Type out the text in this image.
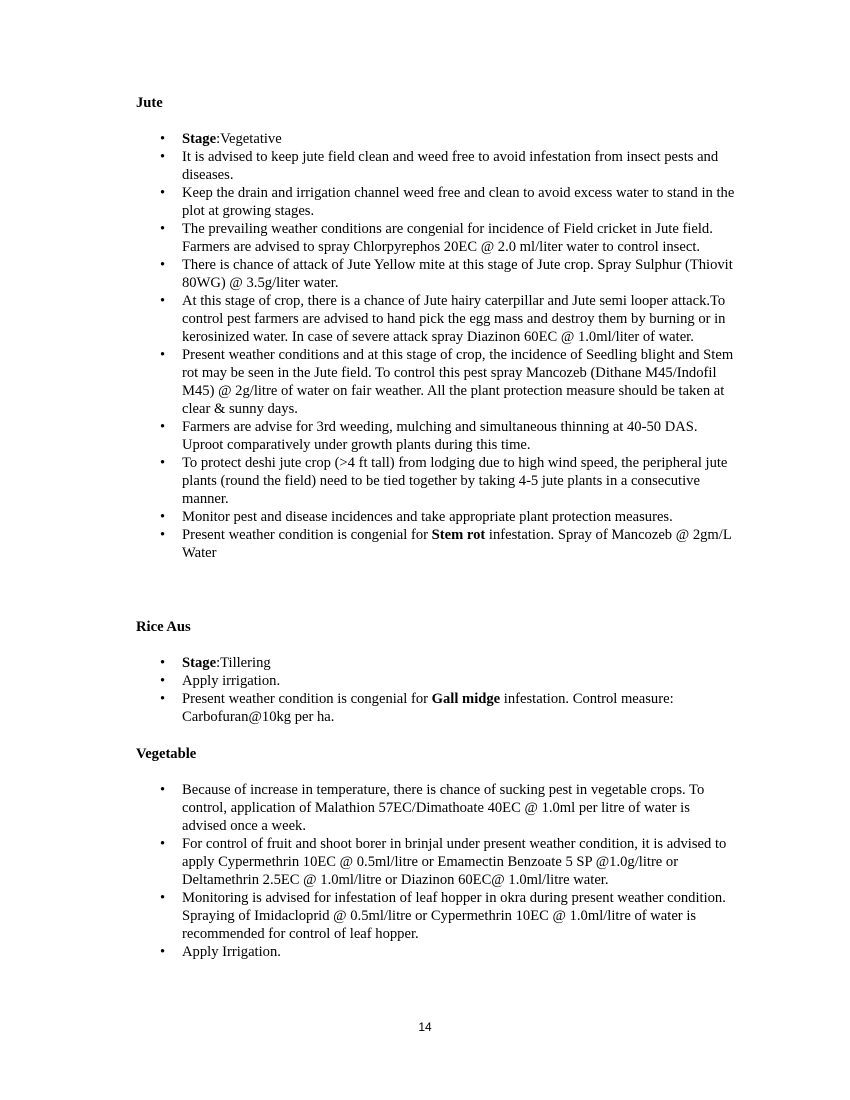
Jute
• Stage:Vegetative
• It is advised to keep jute field clean and weed free to avoid infestation from insect pests and diseases.
• Keep the drain and irrigation channel weed free and clean to avoid excess water to stand in the plot at growing stages.
• The prevailing weather conditions are congenial for incidence of Field cricket in Jute field. Farmers are advised to spray Chlorpyrephos 20EC @ 2.0 ml/liter water to control insect.
• There is chance of attack of Jute Yellow mite at this stage of Jute crop. Spray Sulphur (Thiovit 80WG) @ 3.5g/liter water.
• At this stage of crop, there is a chance of Jute hairy caterpillar and Jute semi looper attack.To control pest farmers are advised to hand pick the egg mass and destroy them by burning or in kerosinized water. In case of severe attack spray Diazinon 60EC @ 1.0ml/liter of water.
• Present weather conditions and at this stage of crop, the incidence of Seedling blight and Stem rot may be seen in the Jute field. To control this pest spray Mancozeb (Dithane M45/Indofil M45) @ 2g/litre of water on fair weather. All the plant protection measure should be taken at clear & sunny days.
• Farmers are advise for 3rd weeding, mulching and simultaneous thinning at 40-50 DAS. Uproot comparatively under growth plants during this time.
• To protect deshi jute crop (>4 ft tall) from lodging due to high wind speed, the peripheral jute plants (round the field) need to be tied together by taking 4-5 jute plants in a consecutive manner.
• Monitor pest and disease incidences and take appropriate plant protection measures.
• Present weather condition is congenial for Stem rot infestation. Spray of Mancozeb @ 2gm/L Water
Rice Aus
• Stage:Tillering
• Apply irrigation.
• Present weather condition is congenial for Gall midge infestation. Control measure: Carbofuran@10kg per ha.
Vegetable
• Because of increase in temperature, there is chance of sucking pest in vegetable crops. To control, application of Malathion 57EC/Dimathoate 40EC @ 1.0ml per litre of water is advised once a week.
• For control of fruit and shoot borer in brinjal under present weather condition, it is advised to apply Cypermethrin 10EC @ 0.5ml/litre or Emamectin Benzoate 5 SP @1.0g/litre or Deltamethrin 2.5EC @ 1.0ml/litre or Diazinon 60EC@ 1.0ml/litre water.
• Monitoring is advised for infestation of leaf hopper in okra during present weather condition. Spraying of Imidacloprid @ 0.5ml/litre or Cypermethrin 10EC @ 1.0ml/litre of water is recommended for control of leaf hopper.
• Apply Irrigation.
14
